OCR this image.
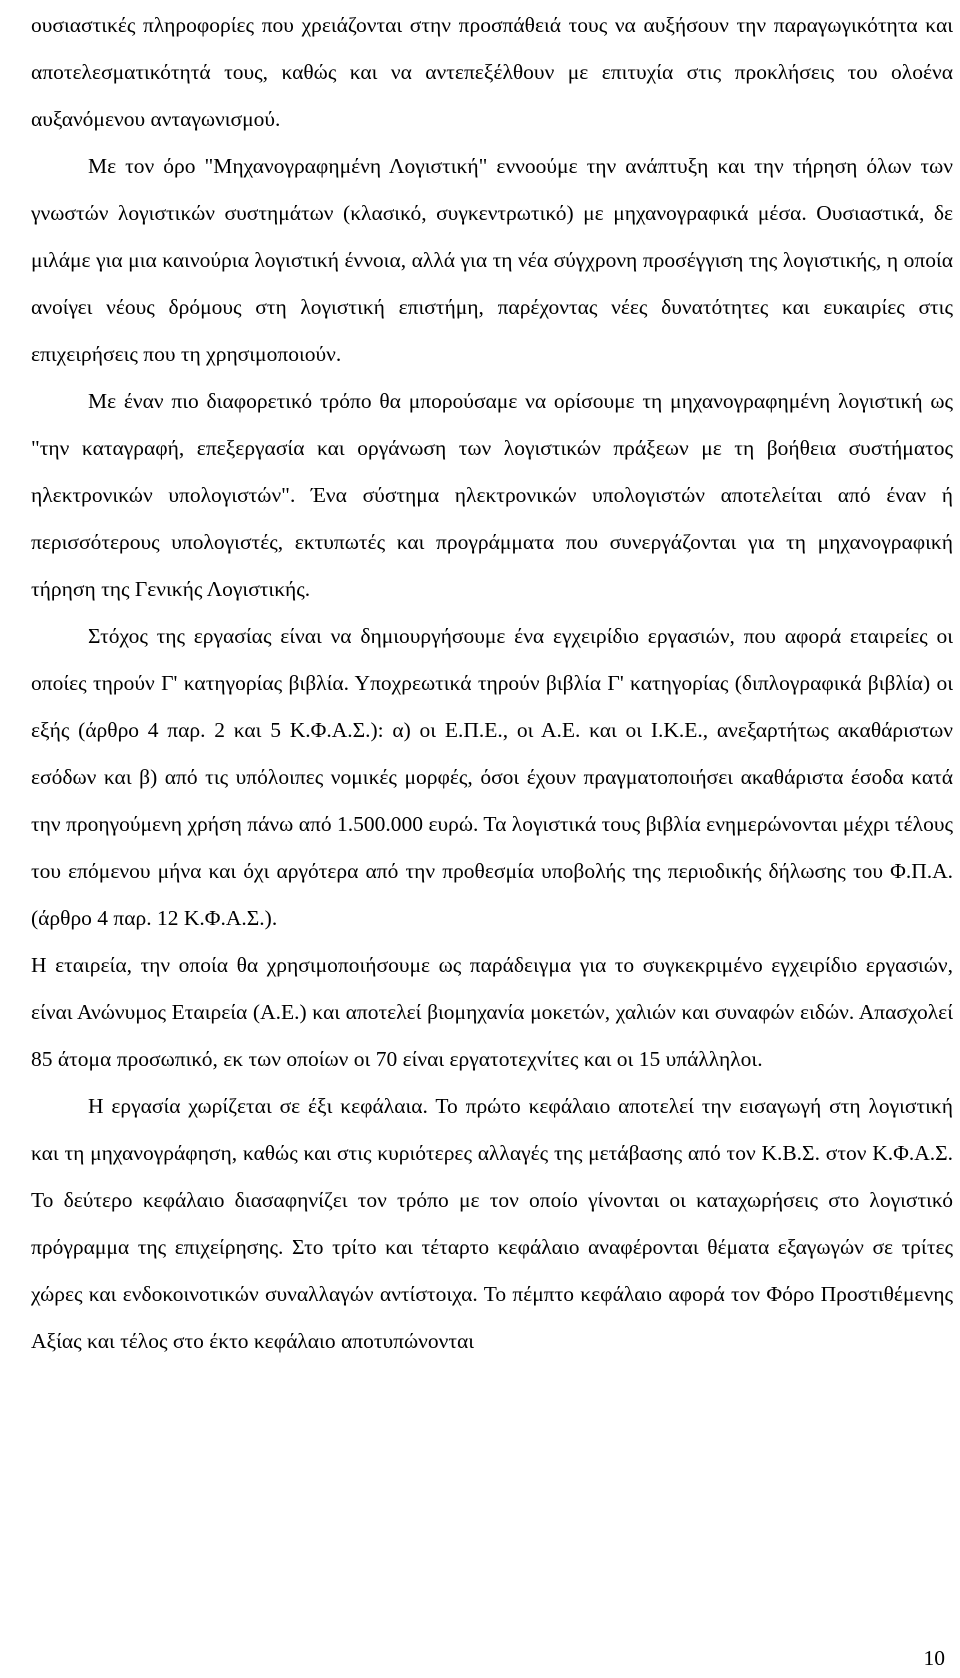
ουσιαστικές πληροφορίες που χρειάζονται στην προσπάθειά τους να αυξήσουν την παραγωγικότητα και αποτελεσματικότητά τους, καθώς και να αντεπεξέλθουν με επιτυχία στις προκλήσεις του ολοένα αυξανόμενου ανταγωνισμού.

Με τον όρο "Μηχανογραφημένη Λογιστική" εννοούμε την ανάπτυξη και την τήρηση όλων των γνωστών λογιστικών συστημάτων (κλασικό, συγκεντρωτικό) με μηχανογραφικά μέσα. Ουσιαστικά, δε μιλάμε για μια καινούρια λογιστική έννοια, αλλά για τη νέα σύγχρονη προσέγγιση της λογιστικής, η οποία ανοίγει νέους δρόμους στη λογιστική επιστήμη, παρέχοντας νέες δυνατότητες και ευκαιρίες στις επιχειρήσεις που τη χρησιμοποιούν.

Με έναν πιο διαφορετικό τρόπο θα μπορούσαμε να ορίσουμε τη μηχανογραφημένη λογιστική ως "την καταγραφή, επεξεργασία και οργάνωση των λογιστικών πράξεων με τη βοήθεια συστήματος ηλεκτρονικών υπολογιστών". Ένα σύστημα ηλεκτρονικών υπολογιστών αποτελείται από έναν ή περισσότερους υπολογιστές, εκτυπωτές και προγράμματα που συνεργάζονται για τη μηχανογραφική τήρηση της Γενικής Λογιστικής.

Στόχος της εργασίας είναι να δημιουργήσουμε ένα εγχειρίδιο εργασιών, που αφορά εταιρείες οι οποίες τηρούν Γ' κατηγορίας βιβλία. Υποχρεωτικά τηρούν βιβλία Γ' κατηγορίας (διπλογραφικά βιβλία) οι εξής (άρθρο 4 παρ. 2 και 5 Κ.Φ.Α.Σ.): α) οι Ε.Π.Ε., οι Α.Ε. και οι Ι.Κ.Ε., ανεξαρτήτως ακαθάριστων εσόδων και β) από τις υπόλοιπες νομικές μορφές, όσοι έχουν πραγματοποιήσει ακαθάριστα έσοδα κατά την προηγούμενη χρήση πάνω από 1.500.000 ευρώ. Τα λογιστικά τους βιβλία ενημερώνονται μέχρι τέλους του επόμενου μήνα και όχι αργότερα από την προθεσμία υποβολής της περιοδικής δήλωσης του Φ.Π.Α. (άρθρο 4 παρ. 12 Κ.Φ.Α.Σ.).

Η εταιρεία, την οποία θα χρησιμοποιήσουμε ως παράδειγμα για το συγκεκριμένο εγχειρίδιο εργασιών, είναι Ανώνυμος Εταιρεία (Α.Ε.) και αποτελεί βιομηχανία μοκετών, χαλιών και συναφών ειδών. Απασχολεί 85 άτομα προσωπικό, εκ των οποίων οι 70 είναι εργατοτεχνίτες και οι 15 υπάλληλοι.

Η εργασία χωρίζεται σε έξι κεφάλαια. Το πρώτο κεφάλαιο αποτελεί την εισαγωγή στη λογιστική και τη μηχανογράφηση, καθώς και στις κυριότερες αλλαγές της μετάβασης από τον Κ.Β.Σ. στον Κ.Φ.Α.Σ. Το δεύτερο κεφάλαιο διασαφηνίζει τον τρόπο με τον οποίο γίνονται οι καταχωρήσεις στο λογιστικό πρόγραμμα της επιχείρησης. Στο τρίτο και τέταρτο κεφάλαιο αναφέρονται θέματα εξαγωγών σε τρίτες χώρες και ενδοκοινοτικών συναλλαγών αντίστοιχα. Το πέμπτο κεφάλαιο αφορά τον Φόρο Προστιθέμενης Αξίας και τέλος στο έκτο κεφάλαιο αποτυπώνονται

10
